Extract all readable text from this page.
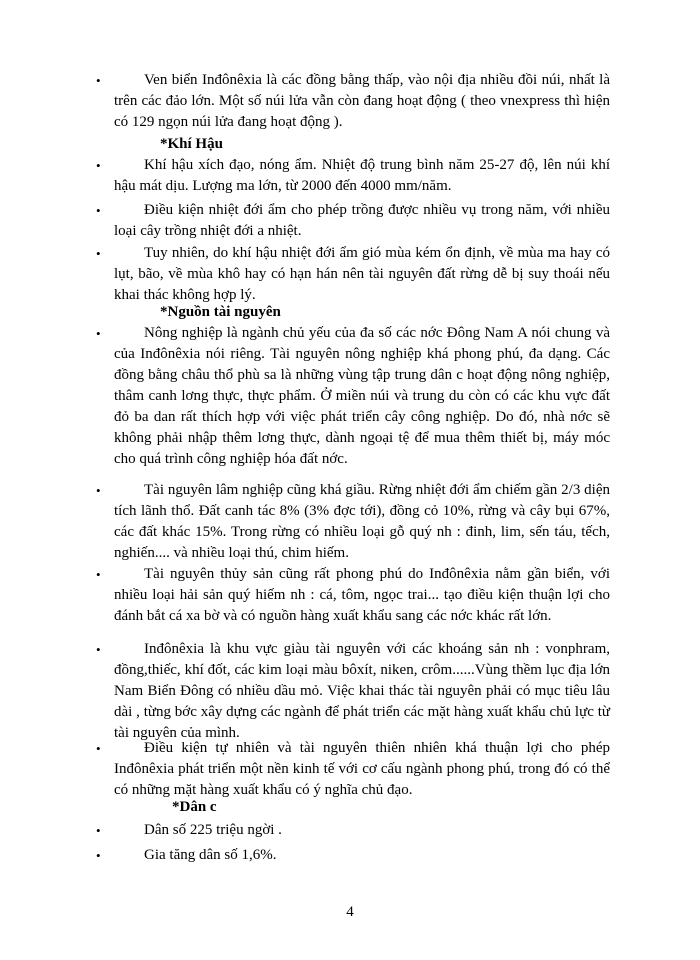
•	Ven biển Inđônêxia là các đồng bằng thấp, vào nội địa nhiều đồi núi, nhất là trên các đảo lớn. Một số núi lửa vẫn còn đang hoạt động ( theo vnexpress thì hiện có 129 ngọn núi lửa đang hoạt động ).
*Khí Hậu
•	Khí hậu xích đạo, nóng ẩm. Nhiệt độ trung bình năm 25-27 độ, lên núi khí hậu mát dịu. Lượng ma lớn, từ 2000 đến 4000 mm/năm.
•	Điều kiện nhiệt đới ẩm cho phép trồng được nhiều vụ trong năm, với nhiều loại cây trồng nhiệt đới a nhiệt.
•	Tuy nhiên, do khí hậu nhiệt đới ẩm gió mùa kém ổn định, về mùa ma hay có lụt, bão, về mùa khô hay có hạn hán nên tài nguyên đất rừng dễ bị suy thoái nếu khai thác không hợp lý.
*Nguồn tài nguyên
•	Nông nghiệp là ngành chủ yếu của đa số các nớc Đông Nam A nói chung và của Inđônêxia nói riêng. Tài nguyên nông nghiệp khá phong phú, đa dạng. Các đồng bằng châu thổ phù sa là những vùng tập trung dân c hoạt động nông nghiệp, thâm canh lơng thực, thực phẩm. Ở miền núi và trung du còn có các khu vực đất đỏ ba dan rất thích hợp với việc phát triển cây công nghiệp. Do đó, nhà nớc sẽ không phải nhập thêm lơng thực, dành ngoại tệ để mua thêm thiết bị, máy móc cho quá trình công nghiệp hóa đất nớc.
•	Tài nguyên lâm nghiệp cũng khá giầu. Rừng nhiệt đới ẩm chiếm gần 2/3 diện tích lãnh thổ. Đất canh tác 8% (3% đợc tới), đồng cỏ 10%, rừng và cây bụi 67%, các đất khác 15%. Trong rừng có nhiều loại gỗ quý nh : đinh, lim, sến táu, tếch, nghiến.... và nhiều loại thú, chim hiếm.
•	Tài nguyên thủy sản cũng rất phong phú do Inđônêxia nằm gần biển, với nhiều loại hải sản quý hiếm nh : cá, tôm, ngọc trai... tạo điều kiện thuận lợi cho đánh bắt cá xa bờ và có nguồn hàng xuất khẩu sang các nớc khác rất lớn.
•	Inđônêxia là khu vực giàu tài nguyên với các khoáng sản nh : vonphram, đồng,thiếc, khí đốt, các kim loại màu bôxít, niken, crôm......Vùng thềm lục địa lớn Nam Biển Đông có nhiều dầu mỏ. Việc khai thác tài nguyên phải có mục tiêu lâu dài , từng bớc xây dựng các ngành để phát triển các mặt hàng xuất khẩu chủ lực từ tài nguyên của mình.
•	Điều kiện tự nhiên và tài nguyên thiên nhiên khá thuận lợi cho phép Inđônêxia phát triển một nền kinh tế với cơ cấu ngành phong phú, trong đó có thể có những mặt hàng xuất khẩu có ý nghĩa chủ đạo.
*Dân c
•	Dân số 225 triệu ngời .
•	Gia tăng dân số 1,6%.
4
